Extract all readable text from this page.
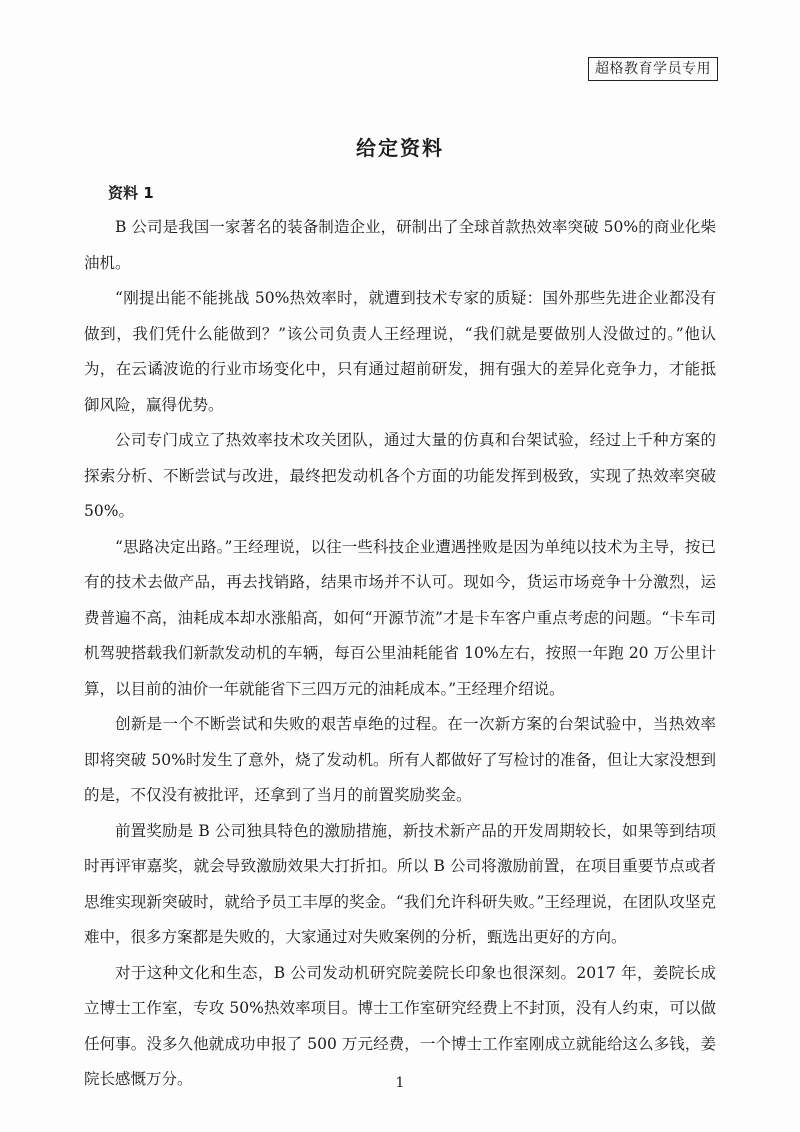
超格教育学员专用
给定资料
资料 1

B 公司是我国一家著名的装备制造企业，研制出了全球首款热效率突破 50%的商业化柴油机。

“刚提出能不能挑战 50%热效率时，就遭到技术专家的质疑：国外那些先进企业都没有做到，我们凭什么能做到？”该公司负责人王经理说，“我们就是要做别人没做过的。”他认为，在云谲波诡的行业市场变化中，只有通过超前研发，拥有强大的差异化竞争力，才能抵御风险，赢得优势。

公司专门成立了热效率技术攻关团队，通过大量的仿真和台架试验，经过上千种方案的探索分析、不断尝试与改进，最终把发动机各个方面的功能发挥到极致，实现了热效率突破 50%。

“思路决定出路。”王经理说，以往一些科技企业遭遇挫败是因为单纯以技术为主导，按已有的技术去做产品，再去找销路，结果市场并不认可。现如今，货运市场竞争十分激烈，运费普遍不高，油耗成本却水涨船高，如何“开源节流”才是卡车客户重点考虑的问题。“卡车司机驾驶搭载我们新款发动机的车辆，每百公里油耗能省 10%左右，按照一年跑 20 万公里计算，以目前的油价一年就能省下三四万元的油耗成本。”王经理介绍说。

创新是一个不断尝试和失败的艰苦卓绝的过程。在一次新方案的台架试验中，当热效率即将突破 50%时发生了意外，烧了发动机。所有人都做好了写检讨的准备，但让大家没想到的是，不仅没有被批评，还拿到了当月的前置奖励奖金。

前置奖励是 B 公司独具特色的激励措施，新技术新产品的开发周期较长，如果等到结项时再评审嘉奖，就会导致激励效果大打折扣。所以 B 公司将激励前置，在项目重要节点或者思维实现新突破时，就给予员工丰厚的奖金。“我们允许科研失败。”王经理说，在团队攻坚克难中，很多方案都是失败的，大家通过对失败案例的分析，甄选出更好的方向。

对于这种文化和生态，B 公司发动机研究院姜院长印象也很深刻。2017 年，姜院长成立博士工作室，专攻 50%热效率项目。博士工作室研究经费上不封顶，没有人约束，可以做任何事。没多久他就成功申报了 500 万元经费，一个博士工作室刚成立就能给这么多钱，姜院长感慨万分。	1
